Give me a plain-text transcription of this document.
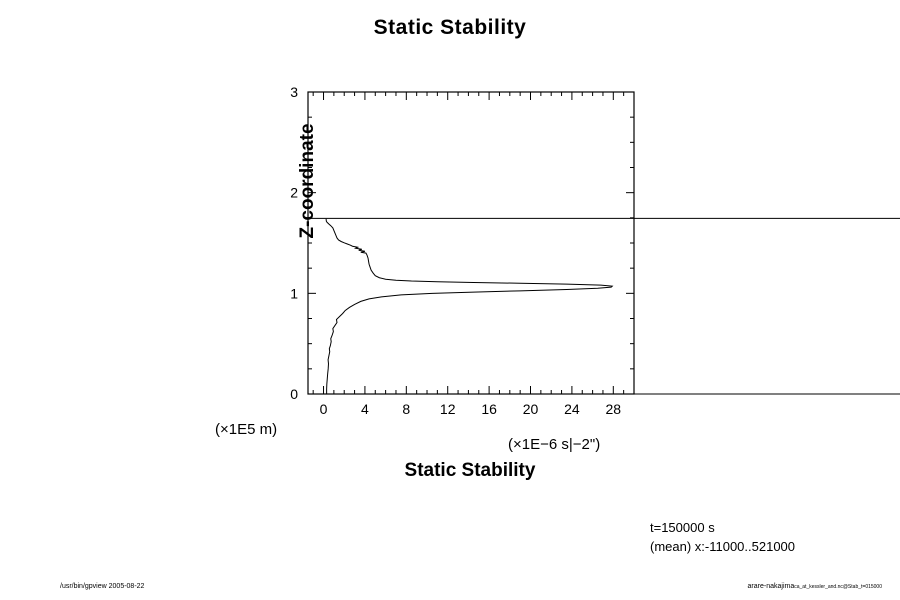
Static Stability
0 4 8 12 16 20 24 28
0
1
2
3
Z-coordinate
Static Stability
(×1E5 m)
(×1E−6 s|−2")
t=150000 s
(mean) x:-11000..521000
/usr/bin/gpview 2005-08-22	arare-nakajimaca_at_kessler_and.nc@Stab_t=015000
